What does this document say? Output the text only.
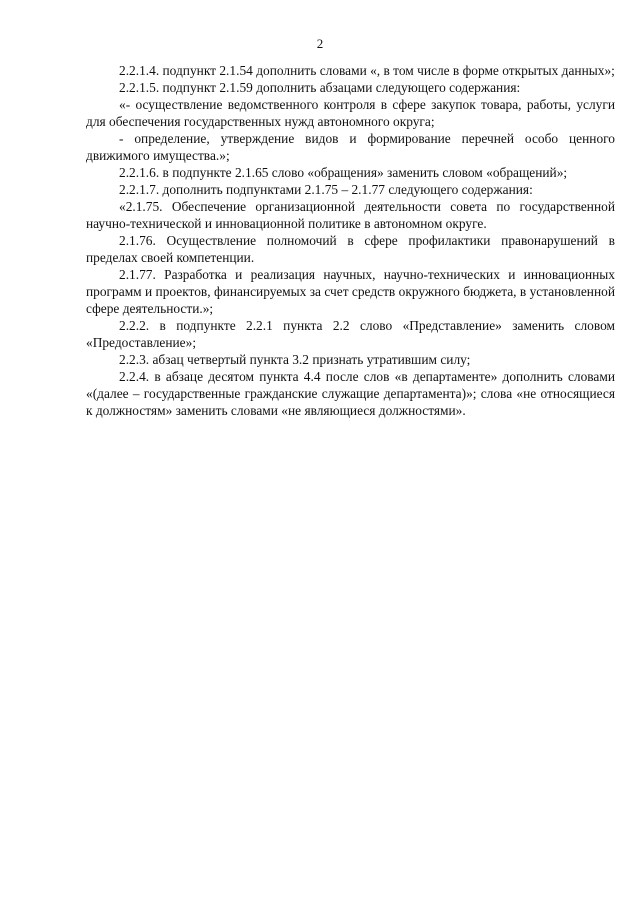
2

2.2.1.4. подпункт 2.1.54 дополнить словами «, в том числе в форме открытых данных»;

2.2.1.5. подпункт 2.1.59 дополнить абзацами следующего содержания:

«- осуществление ведомственного контроля в сфере закупок товара, работы, услуги для обеспечения государственных нужд автономного округа;

- определение, утверждение видов и формирование перечней особо ценного движимого имущества.»;

2.2.1.6. в подпункте 2.1.65 слово «обращения» заменить словом «обращений»;

2.2.1.7. дополнить подпунктами 2.1.75 – 2.1.77 следующего содержания:

«2.1.75. Обеспечение организационной деятельности совета по государственной научно-технической и инновационной политике в автономном округе.

2.1.76. Осуществление полномочий в сфере профилактики правонарушений в пределах своей компетенции.

2.1.77. Разработка и реализация научных, научно-технических и инновационных программ и проектов, финансируемых за счет средств окружного бюджета, в установленной сфере деятельности.»;

2.2.2. в подпункте 2.2.1 пункта 2.2 слово «Представление» заменить словом «Предоставление»;

2.2.3. абзац четвертый пункта 3.2 признать утратившим силу;

2.2.4. в абзаце десятом пункта 4.4 после слов «в департаменте» дополнить словами «(далее – государственные гражданские служащие департамента)»; слова «не относящиеся к должностям» заменить словами «не являющиеся должностями».
